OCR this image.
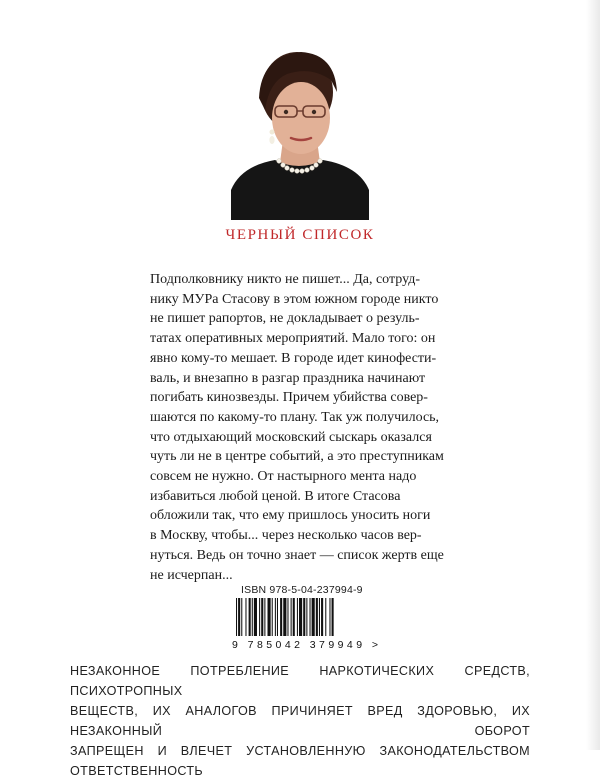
ЧЕРНЫЙ СПИСОК
Подполковнику никто не пишет... Да, сотруд-
нику МУРа Стасову в этом южном городе никто
не пишет рапортов, не докладывает о резуль-
татах оперативных мероприятий. Мало того: он
явно кому-то мешает. В городе идет кинофести-
валь, и внезапно в разгар праздника начинают
погибать кинозвезды. Причем убийства совер-
шаются по какому-то плану. Так уж получилось,
что отдыхающий московский сыскарь оказался
чуть ли не в центре событий, а это преступникам
совсем не нужно. От настырного мента надо
избавиться любой ценой. В итоге Стасова
обложили так, что ему пришлось уносить ноги
в Москву, чтобы... через несколько часов вер-
нуться. Ведь он точно знает — список жертв еще
не исчерпан...
ISBN 978-5-04-237994-9
9 785042 379949 >
НЕЗАКОННОЕ ПОТРЕБЛЕНИЕ НАРКОТИЧЕСКИХ СРЕДСТВ, ПСИХОТРОПНЫХ
ВЕЩЕСТВ, ИХ АНАЛОГОВ ПРИЧИНЯЕТ ВРЕД ЗДОРОВЬЮ, ИХ НЕЗАКОННЫЙ ОБОРОТ
ЗАПРЕЩЕН И ВЛЕЧЕТ УСТАНОВЛЕННУЮ ЗАКОНОДАТЕЛЬСТВОМ ОТВЕТСТВЕННОСТЬ
